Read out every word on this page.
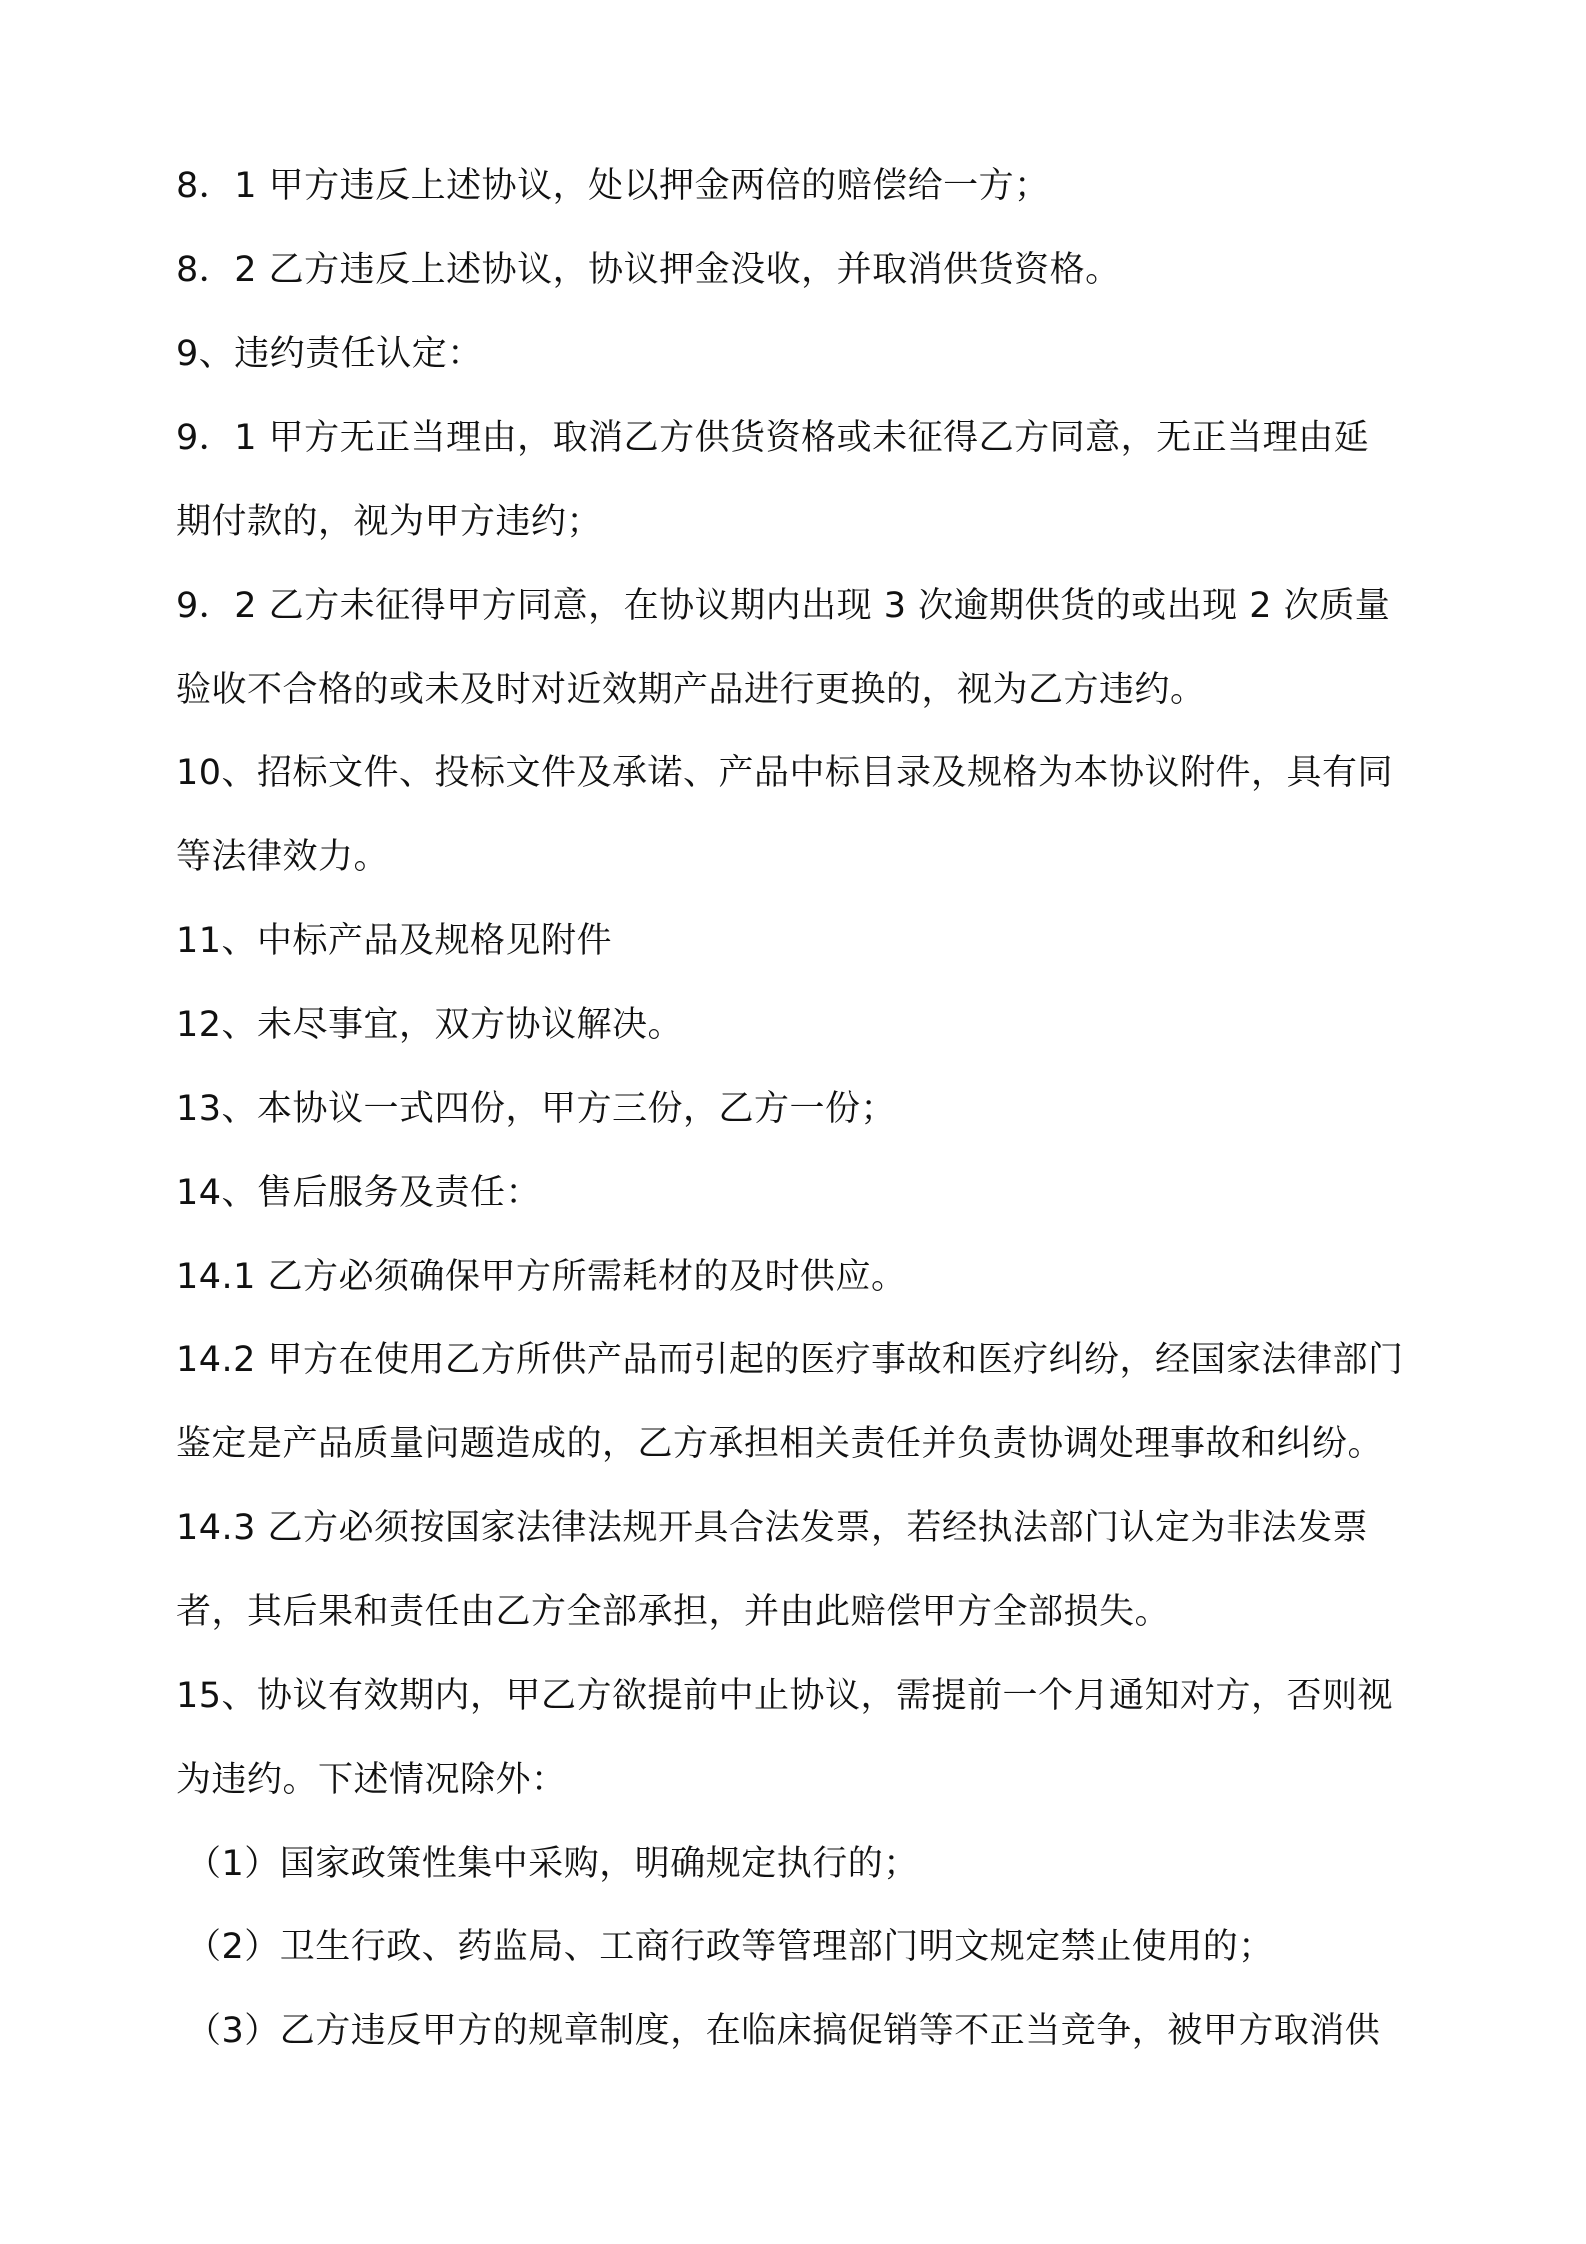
8．1 甲方违反上述协议，处以押金两倍的赔偿给一方；
8．2 乙方违反上述协议，协议押金没收，并取消供货资格。
9、违约责任认定：
9．1 甲方无正当理由，取消乙方供货资格或未征得乙方同意，无正当理由延
期付款的，视为甲方违约；
9．2 乙方未征得甲方同意，在协议期内出现 3 次逾期供货的或出现 2 次质量
验收不合格的或未及时对近效期产品进行更换的，视为乙方违约。
10、招标文件、投标文件及承诺、产品中标目录及规格为本协议附件，具有同
等法律效力。
11、中标产品及规格见附件
12、未尽事宜，双方协议解决。
13、本协议一式四份，甲方三份，乙方一份；
14、售后服务及责任：
14.1 乙方必须确保甲方所需耗材的及时供应。
14.2 甲方在使用乙方所供产品而引起的医疗事故和医疗纠纷，经国家法律部门
鉴定是产品质量问题造成的，乙方承担相关责任并负责协调处理事故和纠纷。
14.3 乙方必须按国家法律法规开具合法发票，若经执法部门认定为非法发票
者，其后果和责任由乙方全部承担，并由此赔偿甲方全部损失。
15、协议有效期内，甲乙方欲提前中止协议，需提前一个月通知对方，否则视
为违约。下述情况除外：
（1）国家政策性集中采购，明确规定执行的；
（2）卫生行政、药监局、工商行政等管理部门明文规定禁止使用的；
（3）乙方违反甲方的规章制度，在临床搞促销等不正当竞争，被甲方取消供
